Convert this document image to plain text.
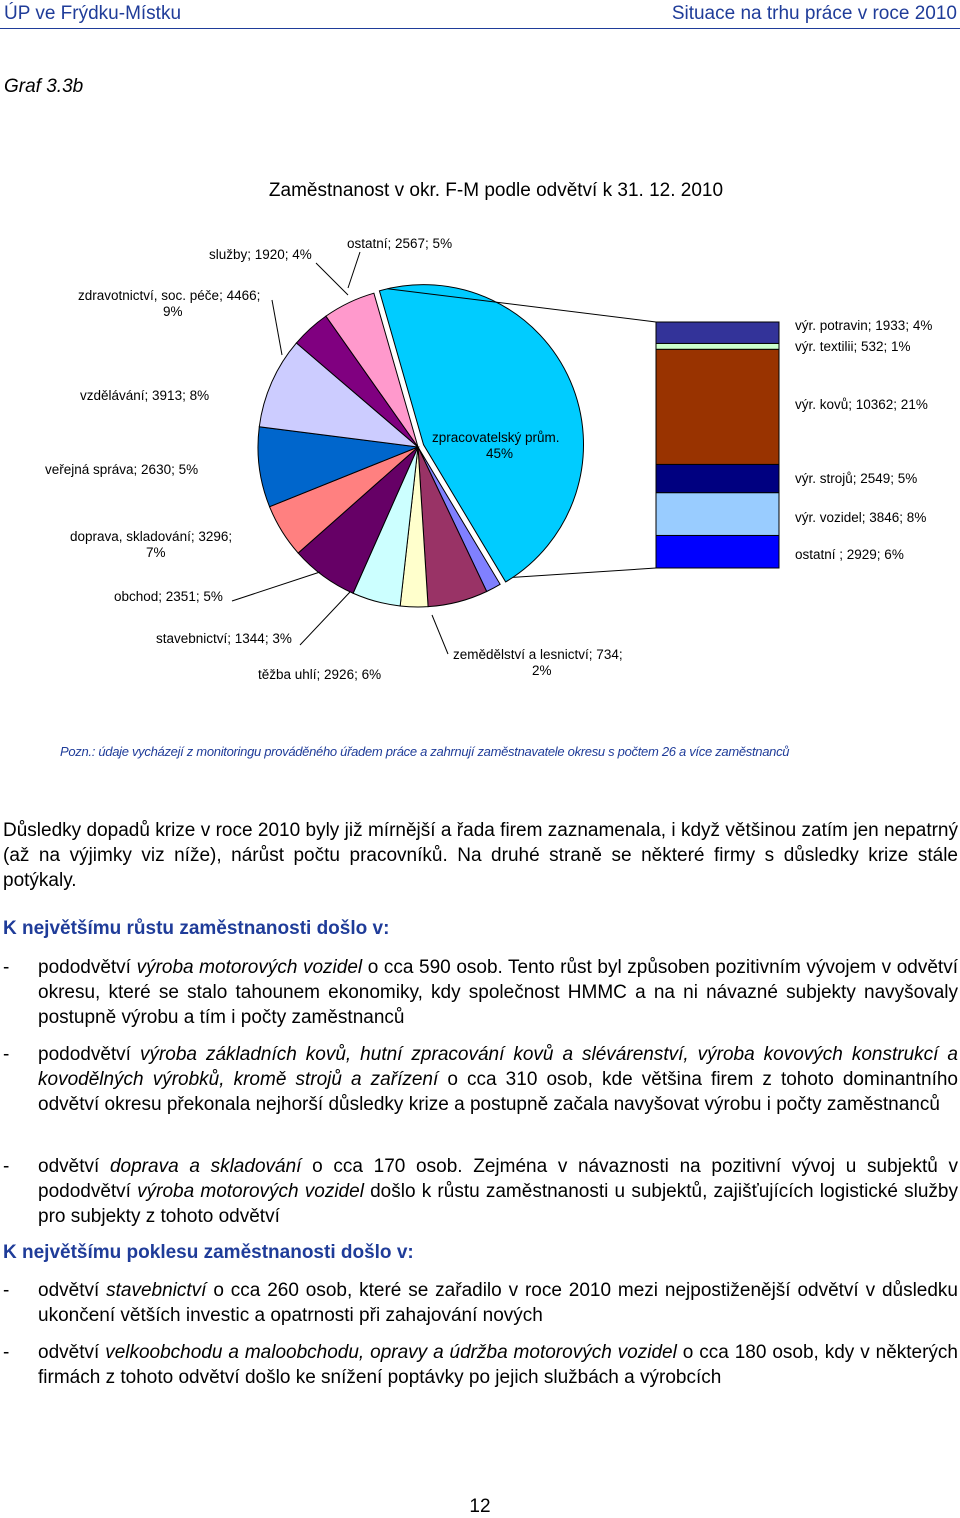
ÚP ve Frýdku-Místku	Situace na trhu práce v roce 2010
Graf 3.3b
Zaměstnanost v okr. F-M podle odvětví k 31. 12. 2010
zpracovatelský prům. 45%
zemědělství a lesnictví; 734; 2%
těžba uhlí; 2926; 6%
stavebnictví; 1344; 3%
obchod; 2351; 5%
doprava, skladování; 3296; 7%
veřejná správa; 2630; 5%
vzdělávání; 3913; 8%
zdravotnictví, soc. péče; 4466; 9%
služby; 1920; 4%
ostatní; 2567; 5%
výr. potravin; 1933; 4%
výr. textilii; 532; 1%
výr. kovů; 10362; 21%
výr. strojů; 2549; 5%
výr. vozidel; 3846; 8%
ostatní ; 2929; 6%
Pozn.: údaje vycházejí z monitoringu prováděného úřadem práce a zahrnují zaměstnavatele okresu s počtem 26 a více zaměstnanců
Důsledky dopadů krize v roce 2010 byly již mírnější a řada firem zaznamenala, i když většinou zatím jen nepatrný (až na výjimky viz níže), nárůst počtu pracovníků. Na druhé straně se některé firmy s důsledky krize stále potýkaly.
K největšímu růstu zaměstnanosti došlo v:
- pododvětví výroba motorových vozidel o cca 590 osob. Tento růst byl způsoben pozitivním vývojem v odvětví okresu, které se stalo tahounem ekonomiky, kdy společnost HMMC a na ni návazné subjekty navyšovaly postupně výrobu a tím i počty zaměstnanců
- pododvětví výroba základních kovů, hutní zpracování kovů a slévárenství, výroba kovových konstrukcí a kovodělných výrobků, kromě strojů a zařízení o cca 310 osob, kde většina firem z tohoto dominantního odvětví okresu překonala nejhorší důsledky krize a postupně začala navyšovat výrobu i počty zaměstnanců
- odvětví doprava a skladování o cca 170 osob. Zejména v návaznosti na pozitivní vývoj u subjektů v pododvětví výroba motorových vozidel došlo k růstu zaměstnanosti u subjektů, zajišťujících logistické služby pro subjekty z tohoto odvětví
K největšímu poklesu zaměstnanosti došlo v:
- odvětví stavebnictví o cca 260 osob, které se zařadilo v roce 2010 mezi nejpostiženější odvětví v důsledku ukončení větších investic a opatrnosti při zahajování nových
- odvětví velkoobchodu a maloobchodu, opravy a údržba motorových vozidel o cca 180 osob, kdy v některých firmách z tohoto odvětví došlo ke snížení poptávky po jejich službách a výrobcích
12
